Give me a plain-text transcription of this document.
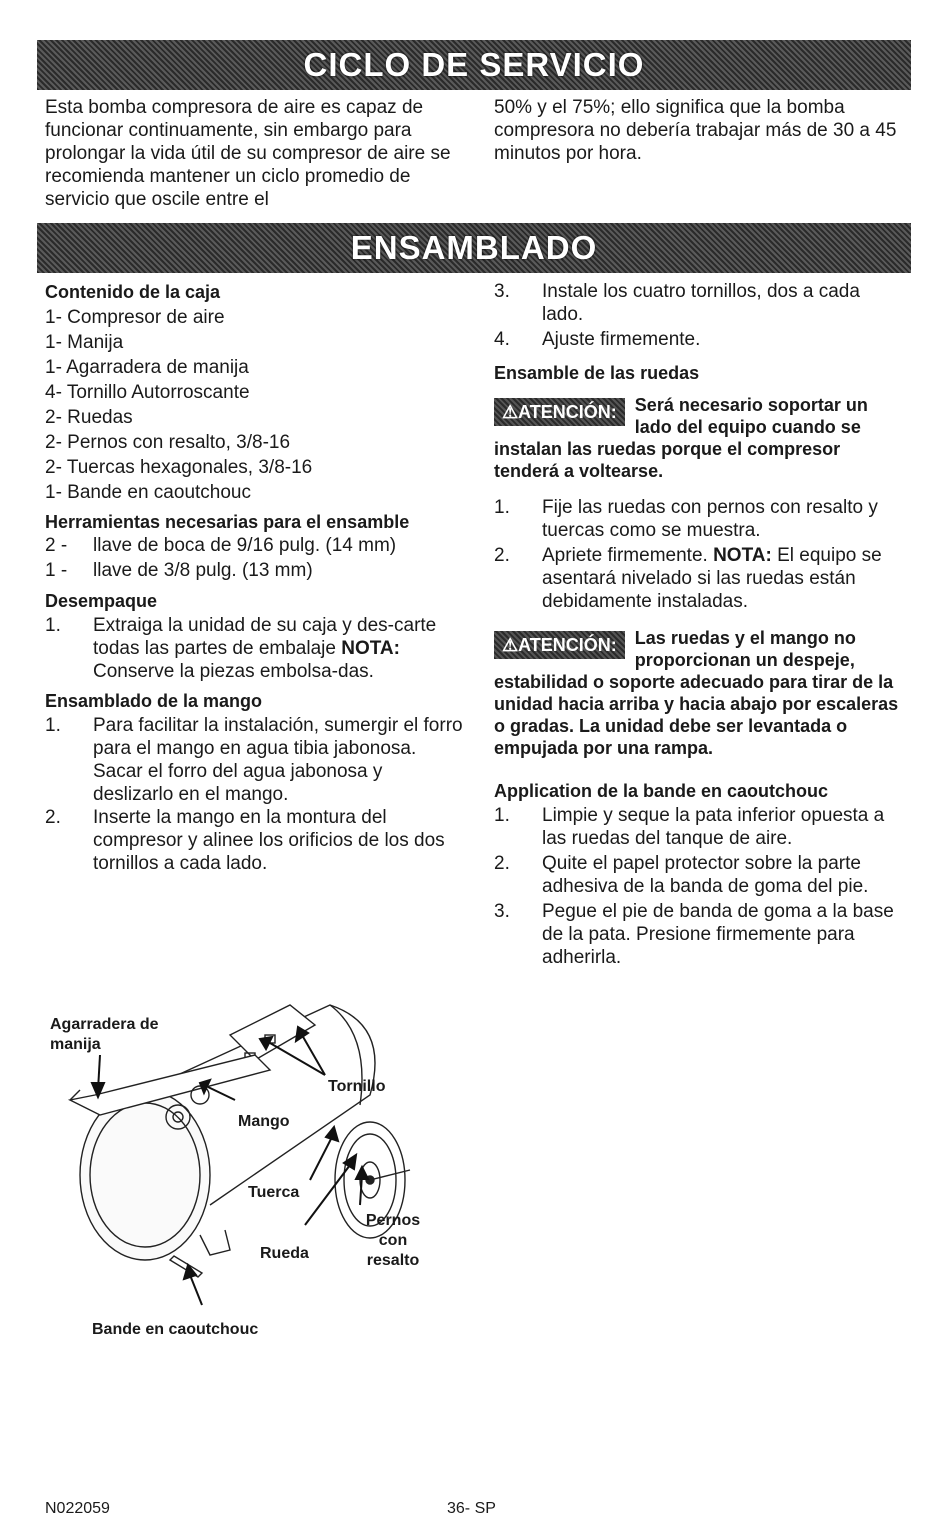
CICLO DE SERVICIO

Esta bomba compresora de aire es capaz de funcionar continuamente, sin embargo para prolongar la vida útil de su compresor de aire se recomienda mantener un ciclo promedio de servicio que oscile entre el

50% y el 75%; ello significa que la bomba compresora no debería trabajar más de 30 a 45 minutos por hora.

ENSAMBLADO

Contenido de la caja

1- Compresor de aire

1- Manija

1- Agarradera de manija

4- Tornillo Autorroscante

2- Ruedas

2- Pernos con resalto, 3/8-16

2- Tuercas hexagonales, 3/8-16

1- Bande en caoutchouc

Herramientas necesarias para el ensamble

2 -	llave de boca de 9/16 pulg. (14 mm)
1 -	llave de 3/8 pulg. (13 mm)

Desempaque

1.	Extraiga la unidad de su caja y des-carte todas las partes de embalaje NOTA: Conserve la piezas embolsa-das.

Ensamblado de la mango

1.	Para facilitar la instalación, sumergir el forro para el mango en agua tibia jabonosa. Sacar el forro del agua jabonosa y deslizarlo en el mango.
2.	Inserte la mango en la montura del compresor y alinee los orificios de los dos tornillos a cada lado.
3.	Instale los cuatro tornillos, dos a cada lado.
4.	Ajuste firmemente.

Ensamble de las ruedas

⚠ATENCIÓN:	Será necesario soportar un lado del equipo cuando se instalan las ruedas porque el compresor tenderá a voltearse.
1.	Fije las ruedas con pernos con resalto y tuercas como se muestra.
2.	Apriete firmemente. NOTA: El equipo se asentará nivelado si las ruedas están debidamente instaladas.
⚠ATENCIÓN:	Las ruedas y el mango no proporcionan un despeje, estabilidad o soporte adecuado para tirar de la unidad hacia arriba y hacia abajo por escaleras o gradas. La unidad debe ser levantada o empujada por una rampa.

Application de la bande en caoutchouc

1.	Limpie y seque la pata inferior opuesta a las ruedas del tanque de aire.
2.	Quite el papel protector sobre la parte adhesiva de la banda de goma del pie.
3.	Pegue el pie de banda de goma a la base de la pata. Presione firmemente para adherirla.
Agarradera de manija
Tornillo
Mango
Tuerca
Pernos con resalto
Rueda
Bande en caoutchouc
N022059	36- SP
